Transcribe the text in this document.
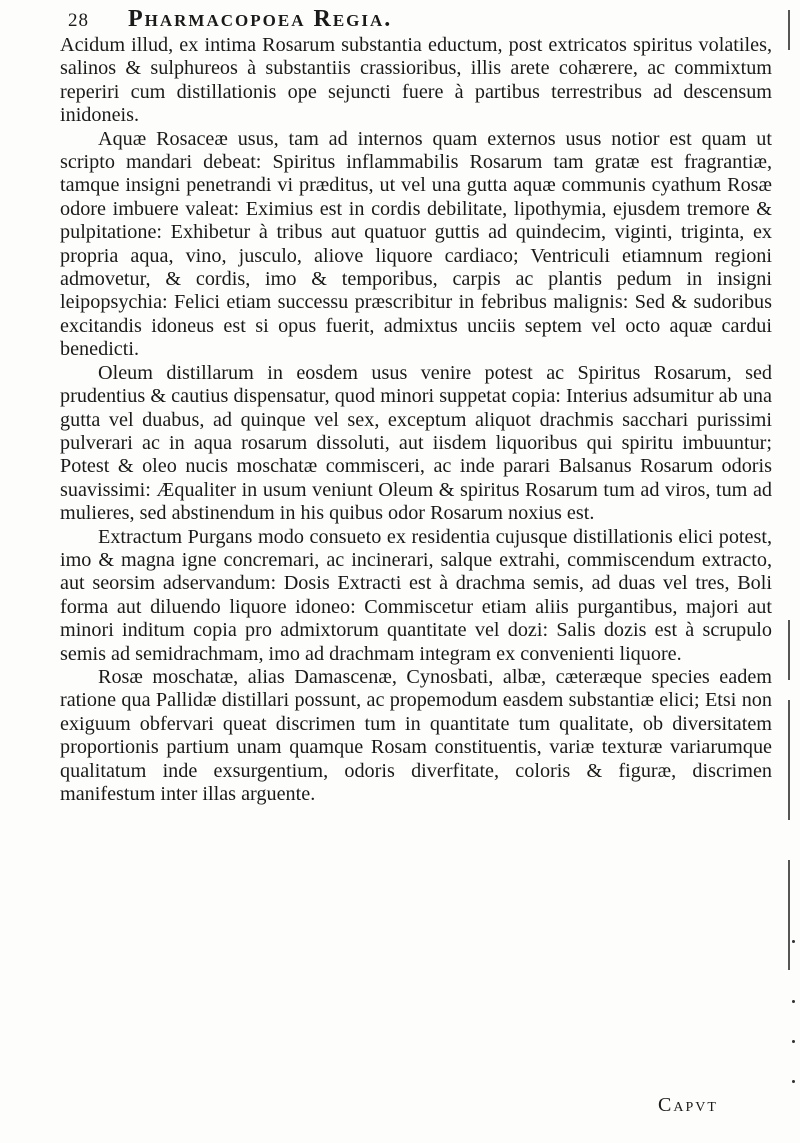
28	Pharmacopoea Regia.

Acidum illud, ex intima Rosarum substantia eductum, post extricatos spiritus volatiles, salinos & sulphureos à substantiis crassioribus, illis arete cohærere, ac commixtum reperiri cum distillationis ope sejuncti fuere à partibus terrestribus ad descensum inidoneis.

Aquæ Rosaceæ usus, tam ad internos quam externos usus notior est quam ut scripto mandari debeat: Spiritus inflammabilis Rosarum tam gratæ est fragrantiæ, tamque insigni penetrandi vi præditus, ut vel una gutta aquæ communis cyathum Rosæ odore imbuere valeat: Eximius est in cordis debilitate, lipothymia, ejusdem tremore & pulpitatione: Exhibetur à tribus aut quatuor guttis ad quindecim, viginti, triginta, ex propria aqua, vino, jusculo, aliove liquore cardiaco; Ventriculi etiamnum regioni admovetur, & cordis, imo & temporibus, carpis ac plantis pedum in insigni leipopsychia: Felici etiam successu præscribitur in febribus malignis: Sed & sudoribus excitandis idoneus est si opus fuerit, admixtus unciis septem vel octo aquæ cardui benedicti.

Oleum distillarum in eosdem usus venire potest ac Spiritus Rosarum, sed prudentius & cautius dispensatur, quod minori suppetat copia: Interius adsumitur ab una gutta vel duabus, ad quinque vel sex, exceptum aliquot drachmis sacchari purissimi pulverari ac in aqua rosarum dissoluti, aut iisdem liquoribus qui spiritu imbuuntur; Potest & oleo nucis moschatæ commisceri, ac inde parari Balsanus Rosarum odoris suavissimi: Æqualiter in usum veniunt Oleum & spiritus Rosarum tum ad viros, tum ad mulieres, sed abstinendum in his quibus odor Rosarum noxius est.

Extractum Purgans modo consueto ex residentia cujusque distillationis elici potest, imo & magna igne concremari, ac incinerari, salque extrahi, commiscendum extracto, aut seorsim adservandum: Dosis Extracti est à drachma semis, ad duas vel tres, Boli forma aut diluendo liquore idoneo: Commiscetur etiam aliis purgantibus, majori aut minori inditum copia pro admixtorum quantitate vel dozi: Salis dozis est à scrupulo semis ad semidrachmam, imo ad drachmam integram ex convenienti liquore.

Rosæ moschatæ, alias Damascenæ, Cynosbati, albæ, cæteræque species eadem ratione qua Pallidæ distillari possunt, ac propemodum easdem substantiæ elici; Etsi non exiguum obfervari queat discrimen tum in quantitate tum qualitate, ob diversitatem proportionis partium unam quamque Rosam constituentis, variæ texturæ variarumque qualitatum inde exsurgentium, odoris diverfitate, coloris & figuræ, discrimen manifestum inter illas arguente.

Capvt
